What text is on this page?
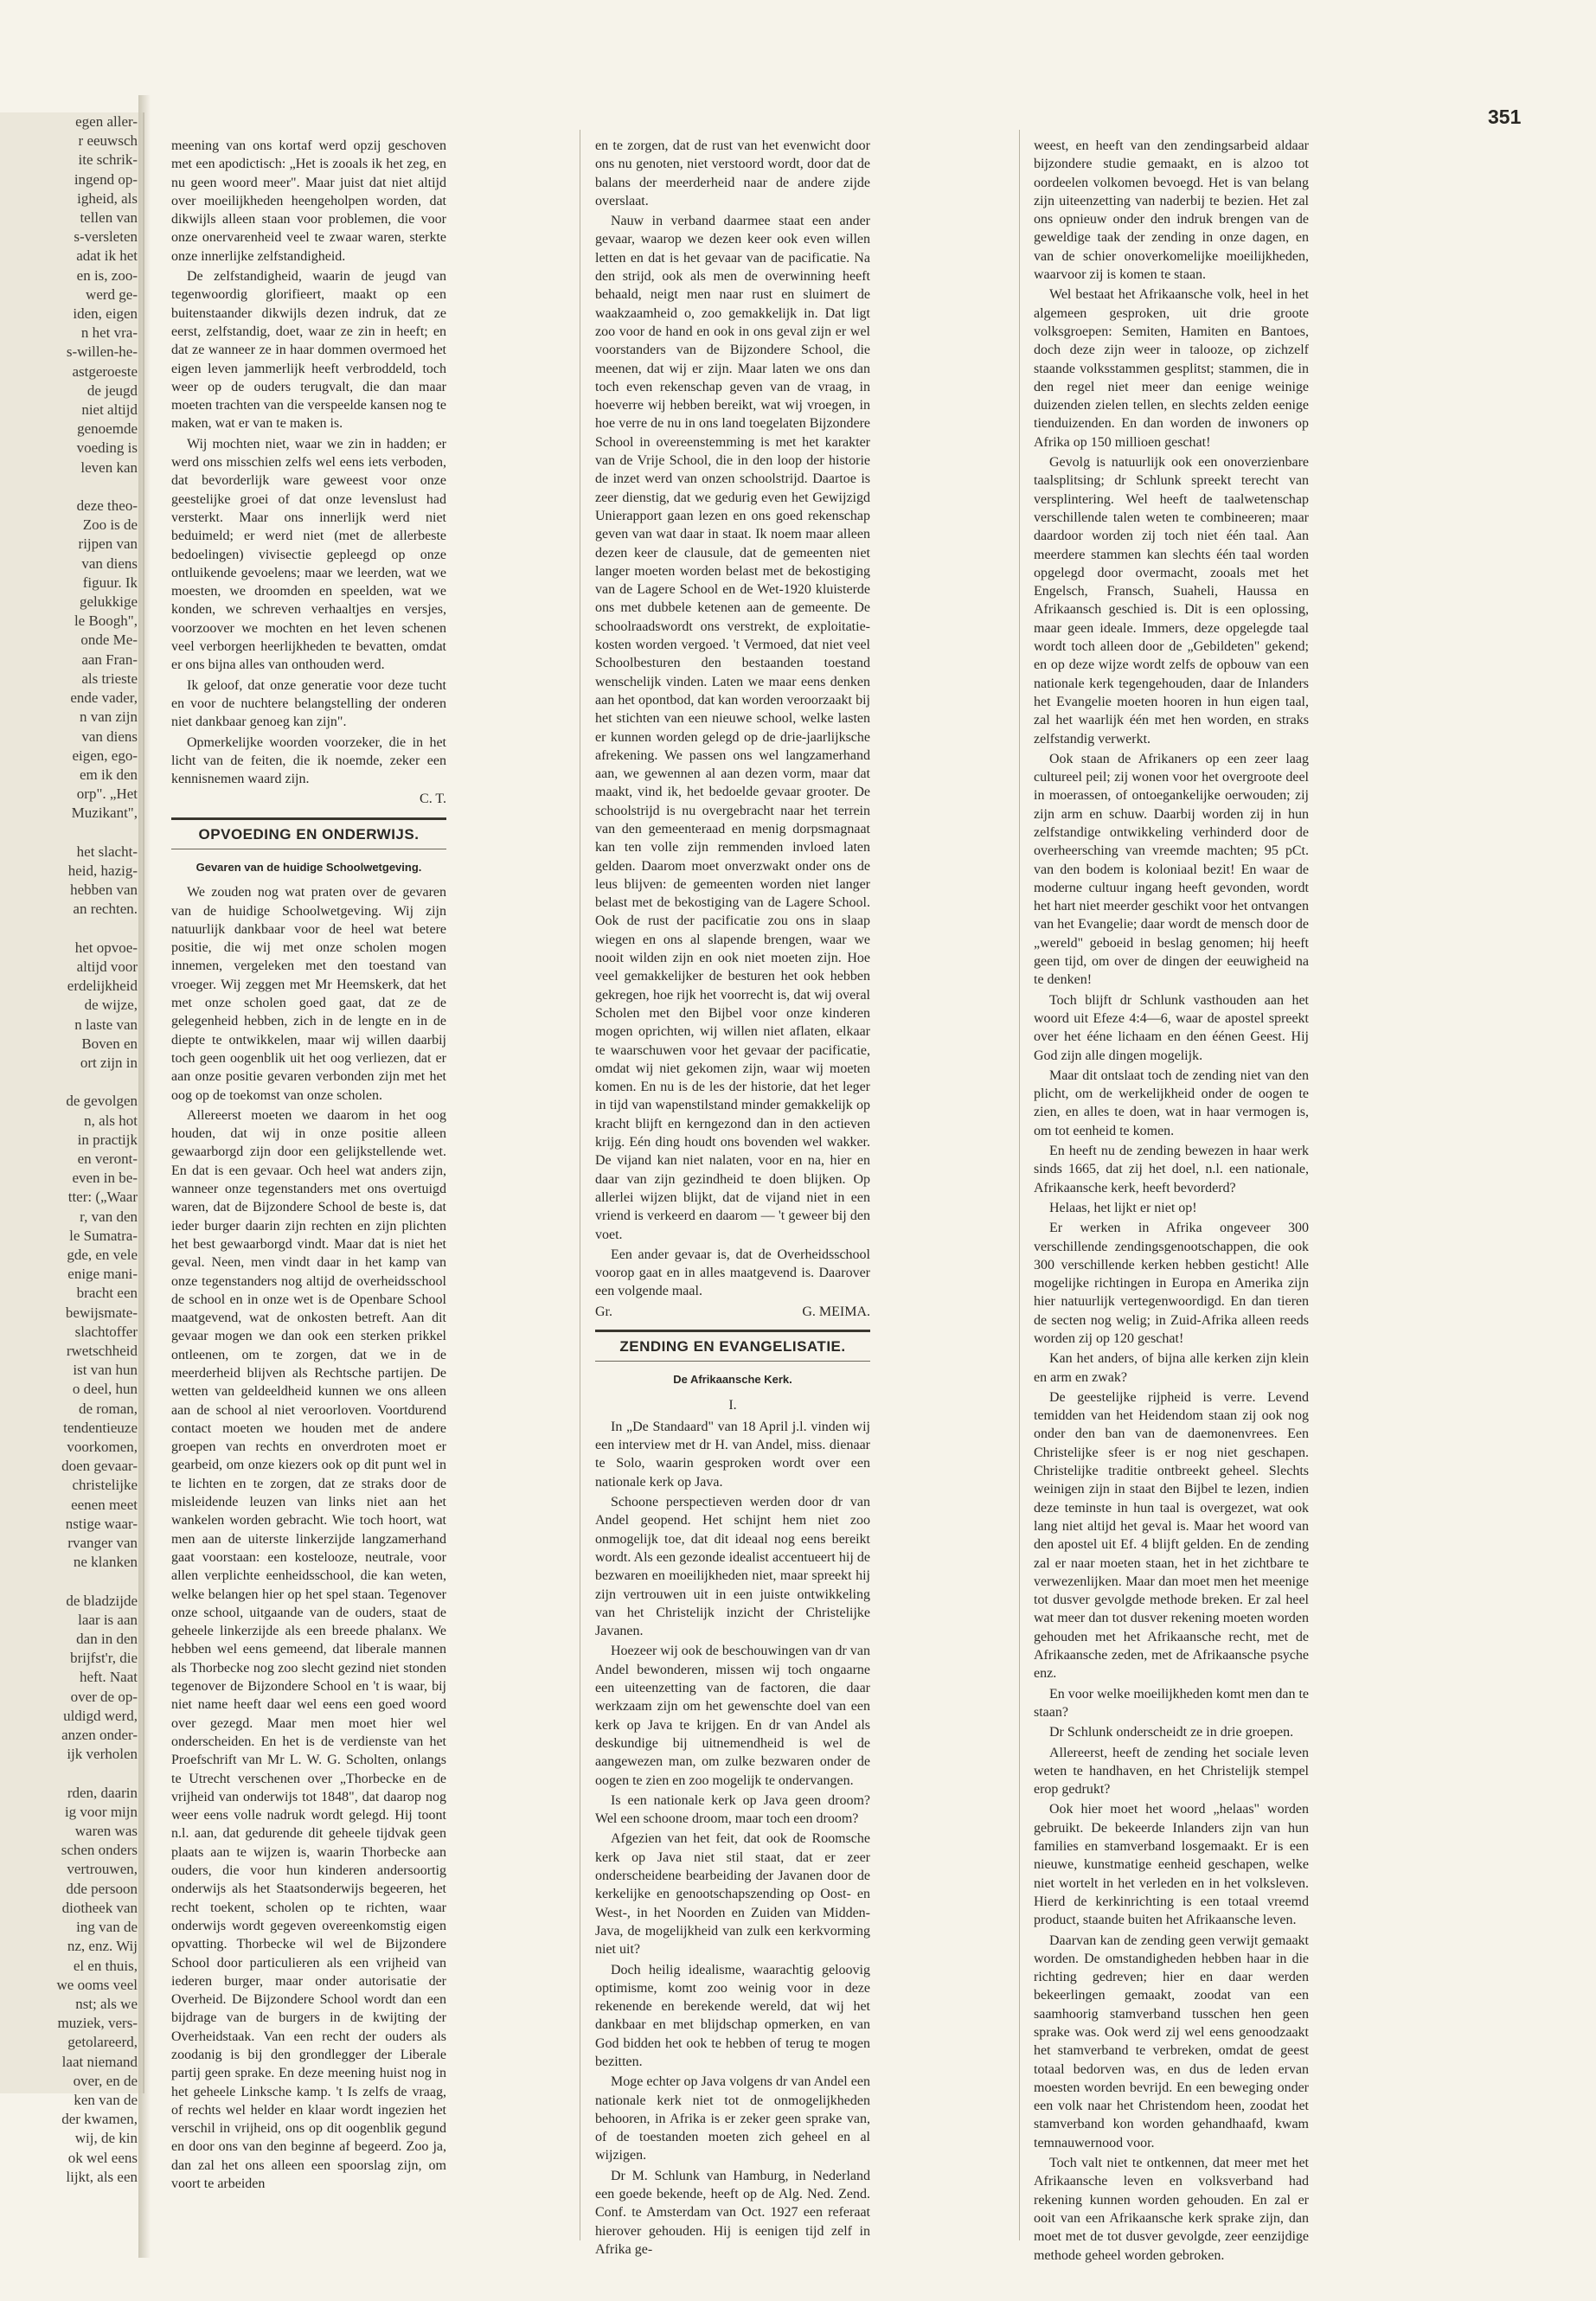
egen aller-

r eeuwsch

ite schrik-

ingend op-

igheid, als

tellen van

s-versleten

adat ik het

en is, zoo-

werd ge-

iden, eigen

n het vra-

s-willen-he-

astgeroeste

de jeugd

niet altijd

genoemde

voeding is

leven kan

deze theo-

Zoo is de

rijpen van

van diens

figuur. Ik

gelukkige

le Boogh",

onde Me-

aan Fran-

als trieste

ende vader,

n van zijn

van diens

eigen, ego-

em ik den

orp". „Het

Muzikant",

het slacht-

heid, hazig-

hebben van

an rechten.

het opvoe-

altijd voor

erdelijkheid

de wijze,

n laste van

Boven en

ort zijn in

de gevolgen

n, als hot

in practijk

en veront-

even in be-

tter: („Waar

r, van den

le Sumatra-

gde, en vele

enige mani-

bracht een

bewijsmate-

slachtoffer

rwetschheid

ist van hun

o deel, hun

de roman,

tendentieuze

voorkomen,

doen gevaar-

christelijke

eenen meet

nstige waar-

rvanger van

ne klanken

de bladzijde

laar is aan

dan in den

brijfst'r, die

heft. Naat

over de op-

uldigd werd,

anzen onder-

ijk verholen

rden, daarin

ig voor mijn

waren was

schen onders

vertrouwen,

dde persoon

diotheek van

ing van de

nz, enz. Wij

el en thuis,

we ooms veel

nst; als we

muziek, vers-

getolareerd,

laat niemand

over, en de

ken van de

der kwamen,

wij, de kin

ok wel eens

lijkt, als een

351

meening van ons kortaf werd opzij geschoven met een apodictisch: „Het is zooals ik het zeg, en nu geen woord meer". Maar juist dat niet altijd over moeilijkheden heengeholpen worden, dat dikwijls alleen staan voor problemen, die voor onze onervarenheid veel te zwaar waren, sterkte onze innerlijke zelfstandigheid.

De zelfstandigheid, waarin de jeugd van tegenwoordig glorifieert, maakt op een buitenstaander dikwijls dezen indruk, dat ze eerst, zelfstandig, doet, waar ze zin in heeft; en dat ze wanneer ze in haar dommen overmoed het eigen leven jammerlijk heeft verbroddeld, toch weer op de ouders terugvalt, die dan maar moeten trachten van die verspeelde kansen nog te maken, wat er van te maken is.

Wij mochten niet, waar we zin in hadden; er werd ons misschien zelfs wel eens iets verboden, dat bevorderlijk ware geweest voor onze geestelijke groei of dat onze levenslust had versterkt. Maar ons innerlijk werd niet beduimeld; er werd niet (met de allerbeste bedoelingen) vivisectie gepleegd op onze ontluikende gevoelens; maar we leerden, wat we moesten, we droomden en speelden, wat we konden, we schreven verhaaltjes en versjes, voorzoover we mochten en het leven schenen veel verborgen heerlijkheden te bevatten, omdat er ons bijna alles van onthouden werd.

Ik geloof, dat onze generatie voor deze tucht en voor de nuchtere belangstelling der onderen niet dankbaar genoeg kan zijn".

Opmerkelijke woorden voorzeker, die in het licht van de feiten, die ik noemde, zeker een kennisnemen waard zijn.

C. T.

OPVOEDING EN ONDERWIJS.
Gevaren van de huidige Schoolwetgeving.

We zouden nog wat praten over de gevaren van de huidige Schoolwetgeving. Wij zijn natuurlijk dankbaar voor de heel wat betere positie, die wij met onze scholen mogen innemen, vergeleken met den toestand van vroeger. Wij zeggen met Mr Heemskerk, dat het met onze scholen goed gaat, dat ze de gelegenheid hebben, zich in de lengte en in de diepte te ontwikkelen, maar wij willen daarbij toch geen oogenblik uit het oog verliezen, dat er aan onze positie gevaren verbonden zijn met het oog op de toekomst van onze scholen.

Allereerst moeten we daarom in het oog houden, dat wij in onze positie alleen gewaarborgd zijn door een gelijkstellende wet. En dat is een gevaar. Och heel wat anders zijn, wanneer onze tegenstanders met ons overtuigd waren, dat de Bijzondere School de beste is, dat ieder burger daarin zijn rechten en zijn plichten het best gewaarborgd vindt. Maar dat is niet het geval. Neen, men vindt daar in het kamp van onze tegenstanders nog altijd de overheidsschool de school en in onze wet is de Openbare School maatgevend, wat de onkosten betreft. Aan dit gevaar mogen we dan ook een sterken prikkel ontleenen, om te zorgen, dat we in de meerderheid blijven als Rechtsche partijen. De wetten van geldeeldheid kunnen we ons alleen aan de school al niet veroorloven. Voortdurend contact moeten we houden met de andere groepen van rechts en onverdroten moet er gearbeid, om onze kiezers ook op dit punt wel in te lichten en te zorgen, dat ze straks door de misleidende leuzen van links niet aan het wankelen worden gebracht. Wie toch hoort, wat men aan de uiterste linkerzijde langzamerhand gaat voorstaan: een kostelooze, neutrale, voor allen verplichte eenheidsschool, die kan weten, welke belangen hier op het spel staan. Tegenover onze school, uitgaande van de ouders, staat de geheele linkerzijde als een breede phalanx. We hebben wel eens gemeend, dat liberale mannen als Thorbecke nog zoo slecht gezind niet stonden tegenover de Bijzondere School en 't is waar, bij niet name heeft daar wel eens een goed woord over gezegd. Maar men moet hier wel onderscheiden. En het is de verdienste van het Proefschrift van Mr L. W. G. Scholten, onlangs te Utrecht verschenen over „Thorbecke en de vrijheid van onderwijs tot 1848", dat daarop nog weer eens volle nadruk wordt gelegd. Hij toont n.l. aan, dat gedurende dit geheele tijdvak geen plaats aan te wijzen is, waarin Thorbecke aan ouders, die voor hun kinderen andersoortig onderwijs als het Staatsonderwijs begeeren, het recht toekent, scholen op te richten, waar onderwijs wordt gegeven overeenkomstig eigen opvatting. Thorbecke wil wel de Bijzondere School door particulieren als een vrijheid van iederen burger, maar onder autorisatie der Overheid. De Bijzondere School wordt dan een bijdrage van de burgers in de kwijting der Overheidstaak. Van een recht der ouders als zoodanig is bij den grondlegger der Liberale partij geen sprake. En deze meening huist nog in het geheele Linksche kamp. 't Is zelfs de vraag, of rechts wel helder en klaar wordt ingezien het verschil in vrijheid, ons op dit oogenblik gegund en door ons van den beginne af begeerd. Zoo ja, dan zal het ons alleen een spoorslag zijn, om voort te arbeiden

en te zorgen, dat de rust van het evenwicht door ons nu genoten, niet verstoord wordt, door dat de balans der meerderheid naar de andere zijde overslaat.

Nauw in verband daarmee staat een ander gevaar, waarop we dezen keer ook even willen letten en dat is het gevaar van de pacificatie. Na den strijd, ook als men de overwinning heeft behaald, neigt men naar rust en sluimert de waakzaamheid o, zoo gemakkelijk in. Dat ligt zoo voor de hand en ook in ons geval zijn er wel voorstanders van de Bijzondere School, die meenen, dat wij er zijn. Maar laten we ons dan toch even rekenschap geven van de vraag, in hoeverre wij hebben bereikt, wat wij vroegen, in hoe verre de nu in ons land toegelaten Bijzondere School in overeenstemming is met het karakter van de Vrije School, die in den loop der historie de inzet werd van onzen schoolstrijd. Daartoe is zeer dienstig, dat we gedurig even het Gewijzigd Unierapport gaan lezen en ons goed rekenschap geven van wat daar in staat. Ik noem maar alleen dezen keer de clausule, dat de gemeenten niet langer moeten worden belast met de bekostiging van de Lagere School en de Wet-1920 kluisterde ons met dubbele ketenen aan de gemeente. De schoolraadswordt ons verstrekt, de exploitatie-kosten worden vergoed. 't Vermoed, dat niet veel Schoolbesturen den bestaanden toestand wenschelijk vinden. Laten we maar eens denken aan het opontbod, dat kan worden veroorzaakt bij het stichten van een nieuwe school, welke lasten er kunnen worden gelegd op de drie-jaarlijksche afrekening. We passen ons wel langzamerhand aan, we gewennen al aan dezen vorm, maar dat maakt, vind ik, het bedoelde gevaar grooter. De schoolstrijd is nu overgebracht naar het terrein van den gemeenteraad en menig dorpsmagnaat kan ten volle zijn remmenden invloed laten gelden. Daarom moet onverzwakt onder ons de leus blijven: de gemeenten worden niet langer belast met de bekostiging van de Lagere School. Ook de rust der pacificatie zou ons in slaap wiegen en ons al slapende brengen, waar we nooit wilden zijn en ook niet moeten zijn. Hoe veel gemakkelijker de besturen het ook hebben gekregen, hoe rijk het voorrecht is, dat wij overal Scholen met den Bijbel voor onze kinderen mogen oprichten, wij willen niet aflaten, elkaar te waarschuwen voor het gevaar der pacificatie, omdat wij niet gekomen zijn, waar wij moeten komen. En nu is de les der historie, dat het leger in tijd van wapenstilstand minder gemakkelijk op kracht blijft en kerngezond dan in den actieven krijg. Eén ding houdt ons bovenden wel wakker. De vijand kan niet nalaten, voor en na, hier en daar van zijn gezindheid te doen blijken. Op allerlei wijzen blijkt, dat de vijand niet in een vriend is verkeerd en daarom — 't geweer bij den voet.

Een ander gevaar is, dat de Overheidsschool voorop gaat en in alles maatgevend is. Daarover een volgende maal.

Gr.	G. MEIMA.

ZENDING EN EVANGELISATIE.
De Afrikaansche Kerk.
I.

In „De Standaard" van 18 April j.l. vinden wij een interview met dr H. van Andel, miss. dienaar te Solo, waarin gesproken wordt over een nationale kerk op Java.

Schoone perspectieven werden door dr van Andel geopend. Het schijnt hem niet zoo onmogelijk toe, dat dit ideaal nog eens bereikt wordt. Als een gezonde idealist accentueert hij de bezwaren en moeilijkheden niet, maar spreekt hij zijn vertrouwen uit in een juiste ontwikkeling van het Christelijk inzicht der Christelijke Javanen.

Hoezeer wij ook de beschouwingen van dr van Andel bewonderen, missen wij toch ongaarne een uiteenzetting van de factoren, die daar werkzaam zijn om het gewenschte doel van een kerk op Java te krijgen. En dr van Andel als deskundige bij uitnemendheid is wel de aangewezen man, om zulke bezwaren onder de oogen te zien en zoo mogelijk te ondervangen.

Is een nationale kerk op Java geen droom? Wel een schoone droom, maar toch een droom?

Afgezien van het feit, dat ook de Roomsche kerk op Java niet stil staat, dat er zeer onderscheidene bearbeiding der Javanen door de kerkelijke en genootschapszending op Oost- en West-, in het Noorden en Zuiden van Midden-Java, de mogelijkheid van zulk een kerkvorming niet uit?

Doch heilig idealisme, waarachtig geloovig optimisme, komt zoo weinig voor in deze rekenende en berekende wereld, dat wij het dankbaar en met blijdschap opmerken, en van God bidden het ook te hebben of terug te mogen bezitten.

Moge echter op Java volgens dr van Andel een nationale kerk niet tot de onmogelijkheden behooren, in Afrika is er zeker geen sprake van, of de toestanden moeten zich geheel en al wijzigen.

Dr M. Schlunk van Hamburg, in Nederland een goede bekende, heeft op de Alg. Ned. Zend. Conf. te Amsterdam van Oct. 1927 een referaat hierover gehouden. Hij is eenigen tijd zelf in Afrika ge-

weest, en heeft van den zendingsarbeid aldaar bijzondere studie gemaakt, en is alzoo tot oordeelen volkomen bevoegd. Het is van belang zijn uiteenzetting van naderbij te bezien. Het zal ons opnieuw onder den indruk brengen van de geweldige taak der zending in onze dagen, en van de schier onoverkomelijke moeilijkheden, waarvoor zij is komen te staan.

Wel bestaat het Afrikaansche volk, heel in het algemeen gesproken, uit drie groote volksgroepen: Semiten, Hamiten en Bantoes, doch deze zijn weer in talooze, op zichzelf staande volksstammen gesplitst; stammen, die in den regel niet meer dan eenige weinige duizenden zielen tellen, en slechts zelden eenige tienduizenden. En dan worden de inwoners op Afrika op 150 millioen geschat!

Gevolg is natuurlijk ook een onoverzienbare taalsplitsing; dr Schlunk spreekt terecht van versplintering. Wel heeft de taalwetenschap verschillende talen weten te combineeren; maar daardoor worden zij toch niet één taal. Aan meerdere stammen kan slechts één taal worden opgelegd door overmacht, zooals met het Engelsch, Fransch, Suaheli, Haussa en Afrikaansch geschied is. Dit is een oplossing, maar geen ideale. Immers, deze opgelegde taal wordt toch alleen door de „Gebildeten" gekend; en op deze wijze wordt zelfs de opbouw van een nationale kerk tegengehouden, daar de Inlanders het Evangelie moeten hooren in hun eigen taal, zal het waarlijk één met hen worden, en straks zelfstandig verwerkt.

Ook staan de Afrikaners op een zeer laag cultureel peil; zij wonen voor het overgroote deel in moerassen, of ontoegankelijke oerwouden; zij zijn arm en schuw. Daarbij worden zij in hun zelfstandige ontwikkeling verhinderd door de overheersching van vreemde machten; 95 pCt. van den bodem is koloniaal bezit! En waar de moderne cultuur ingang heeft gevonden, wordt het hart niet meerder geschikt voor het ontvangen van het Evangelie; daar wordt de mensch door de „wereld" geboeid in beslag genomen; hij heeft geen tijd, om over de dingen der eeuwigheid na te denken!

Toch blijft dr Schlunk vasthouden aan het woord uit Efeze 4:4—6, waar de apostel spreekt over het ééne lichaam en den éénen Geest. Hij God zijn alle dingen mogelijk.

Maar dit ontslaat toch de zending niet van den plicht, om de werkelijkheid onder de oogen te zien, en alles te doen, wat in haar vermogen is, om tot eenheid te komen.

En heeft nu de zending bewezen in haar werk sinds 1665, dat zij het doel, n.l. een nationale, Afrikaansche kerk, heeft bevorderd?

Helaas, het lijkt er niet op!

Er werken in Afrika ongeveer 300 verschillende zendingsgenootschappen, die ook 300 verschillende kerken hebben gesticht! Alle mogelijke richtingen in Europa en Amerika zijn hier natuurlijk vertegenwoordigd. En dan tieren de secten nog welig; in Zuid-Afrika alleen reeds worden zij op 120 geschat!

Kan het anders, of bijna alle kerken zijn klein en arm en zwak?

De geestelijke rijpheid is verre. Levend temidden van het Heidendom staan zij ook nog onder den ban van de daemonenvrees. Een Christelijke sfeer is er nog niet geschapen. Christelijke traditie ontbreekt geheel. Slechts weinigen zijn in staat den Bijbel te lezen, indien deze teminste in hun taal is overgezet, wat ook lang niet altijd het geval is. Maar het woord van den apostel uit Ef. 4 blijft gelden. En de zending zal er naar moeten staan, het in het zichtbare te verwezenlijken. Maar dan moet men het meenige tot dusver gevolgde methode breken. Er zal heel wat meer dan tot dusver rekening moeten worden gehouden met het Afrikaansche recht, met de Afrikaansche zeden, met de Afrikaansche psyche enz.

En voor welke moeilijkheden komt men dan te staan?

Dr Schlunk onderscheidt ze in drie groepen.

Allereerst, heeft de zending het sociale leven weten te handhaven, en het Christelijk stempel erop gedrukt?

Ook hier moet het woord „helaas" worden gebruikt. De bekeerde Inlanders zijn van hun families en stamverband losgemaakt. Er is een nieuwe, kunstmatige eenheid geschapen, welke niet wortelt in het verleden en in het volksleven. Hierd de kerkinrichting is een totaal vreemd product, staande buiten het Afrikaansche leven.

Daarvan kan de zending geen verwijt gemaakt worden. De omstandigheden hebben haar in die richting gedreven; hier en daar werden bekeerlingen gemaakt, zoodat van een saamhoorig stamverband tusschen hen geen sprake was. Ook werd zij wel eens genoodzaakt het stamverband te verbreken, omdat de geest totaal bedorven was, en dus de leden ervan moesten worden bevrijd. En een beweging onder een volk naar het Christendom heen, zoodat het stamverband kon worden gehandhaafd, kwam temnauwernood voor.

Toch valt niet te ontkennen, dat meer met het Afrikaansche leven en volksverband had rekening kunnen worden gehouden. En zal er ooit van een Afrikaansche kerk sprake zijn, dan moet met de tot dusver gevolgde, zeer eenzijdige methode geheel worden gebroken.
